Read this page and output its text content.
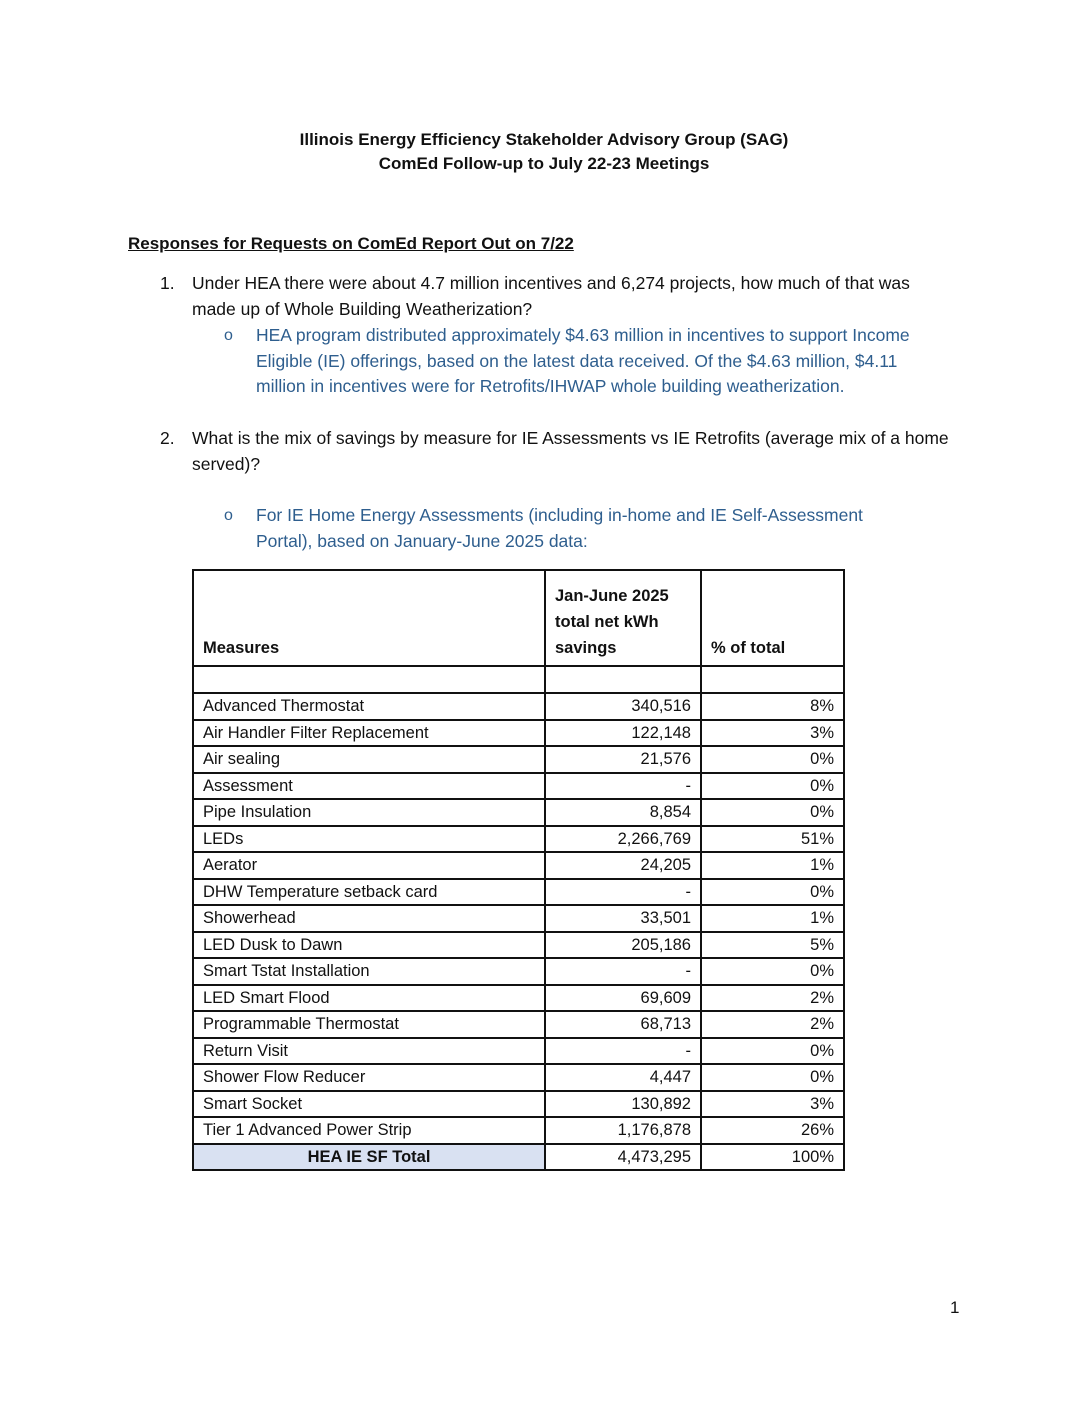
Illinois Energy Efficiency Stakeholder Advisory Group (SAG)
ComEd Follow-up to July 22-23 Meetings
Responses for Requests on ComEd Report Out on 7/22
1. Under HEA there were about 4.7 million incentives and 6,274 projects, how much of that was made up of Whole Building Weatherization?
o HEA program distributed approximately $4.63 million in incentives to support Income Eligible (IE) offerings, based on the latest data received. Of the $4.63 million, $4.11 million in incentives were for Retrofits/IHWAP whole building weatherization.
2. What is the mix of savings by measure for IE Assessments vs IE Retrofits (average mix of a home served)?
o For IE Home Energy Assessments (including in-home and IE Self-Assessment Portal), based on January-June 2025 data:
Measures	Jan-June 2025
total net kWh
savings	% of total

Advanced Thermostat	340,516	8%
Air Handler Filter Replacement	122,148	3%
Air sealing	21,576	0%
Assessment	-	0%
Pipe Insulation	8,854	0%
LEDs	2,266,769	51%
Aerator	24,205	1%
DHW Temperature setback card	-	0%
Showerhead	33,501	1%
LED Dusk to Dawn	205,186	5%
Smart Tstat Installation	-	0%
LED Smart Flood	69,609	2%
Programmable Thermostat	68,713	2%
Return Visit	-	0%
Shower Flow Reducer	4,447	0%
Smart Socket	130,892	3%
Tier 1 Advanced Power Strip	1,176,878	26%
HEA IE SF Total	4,473,295	100%
1
